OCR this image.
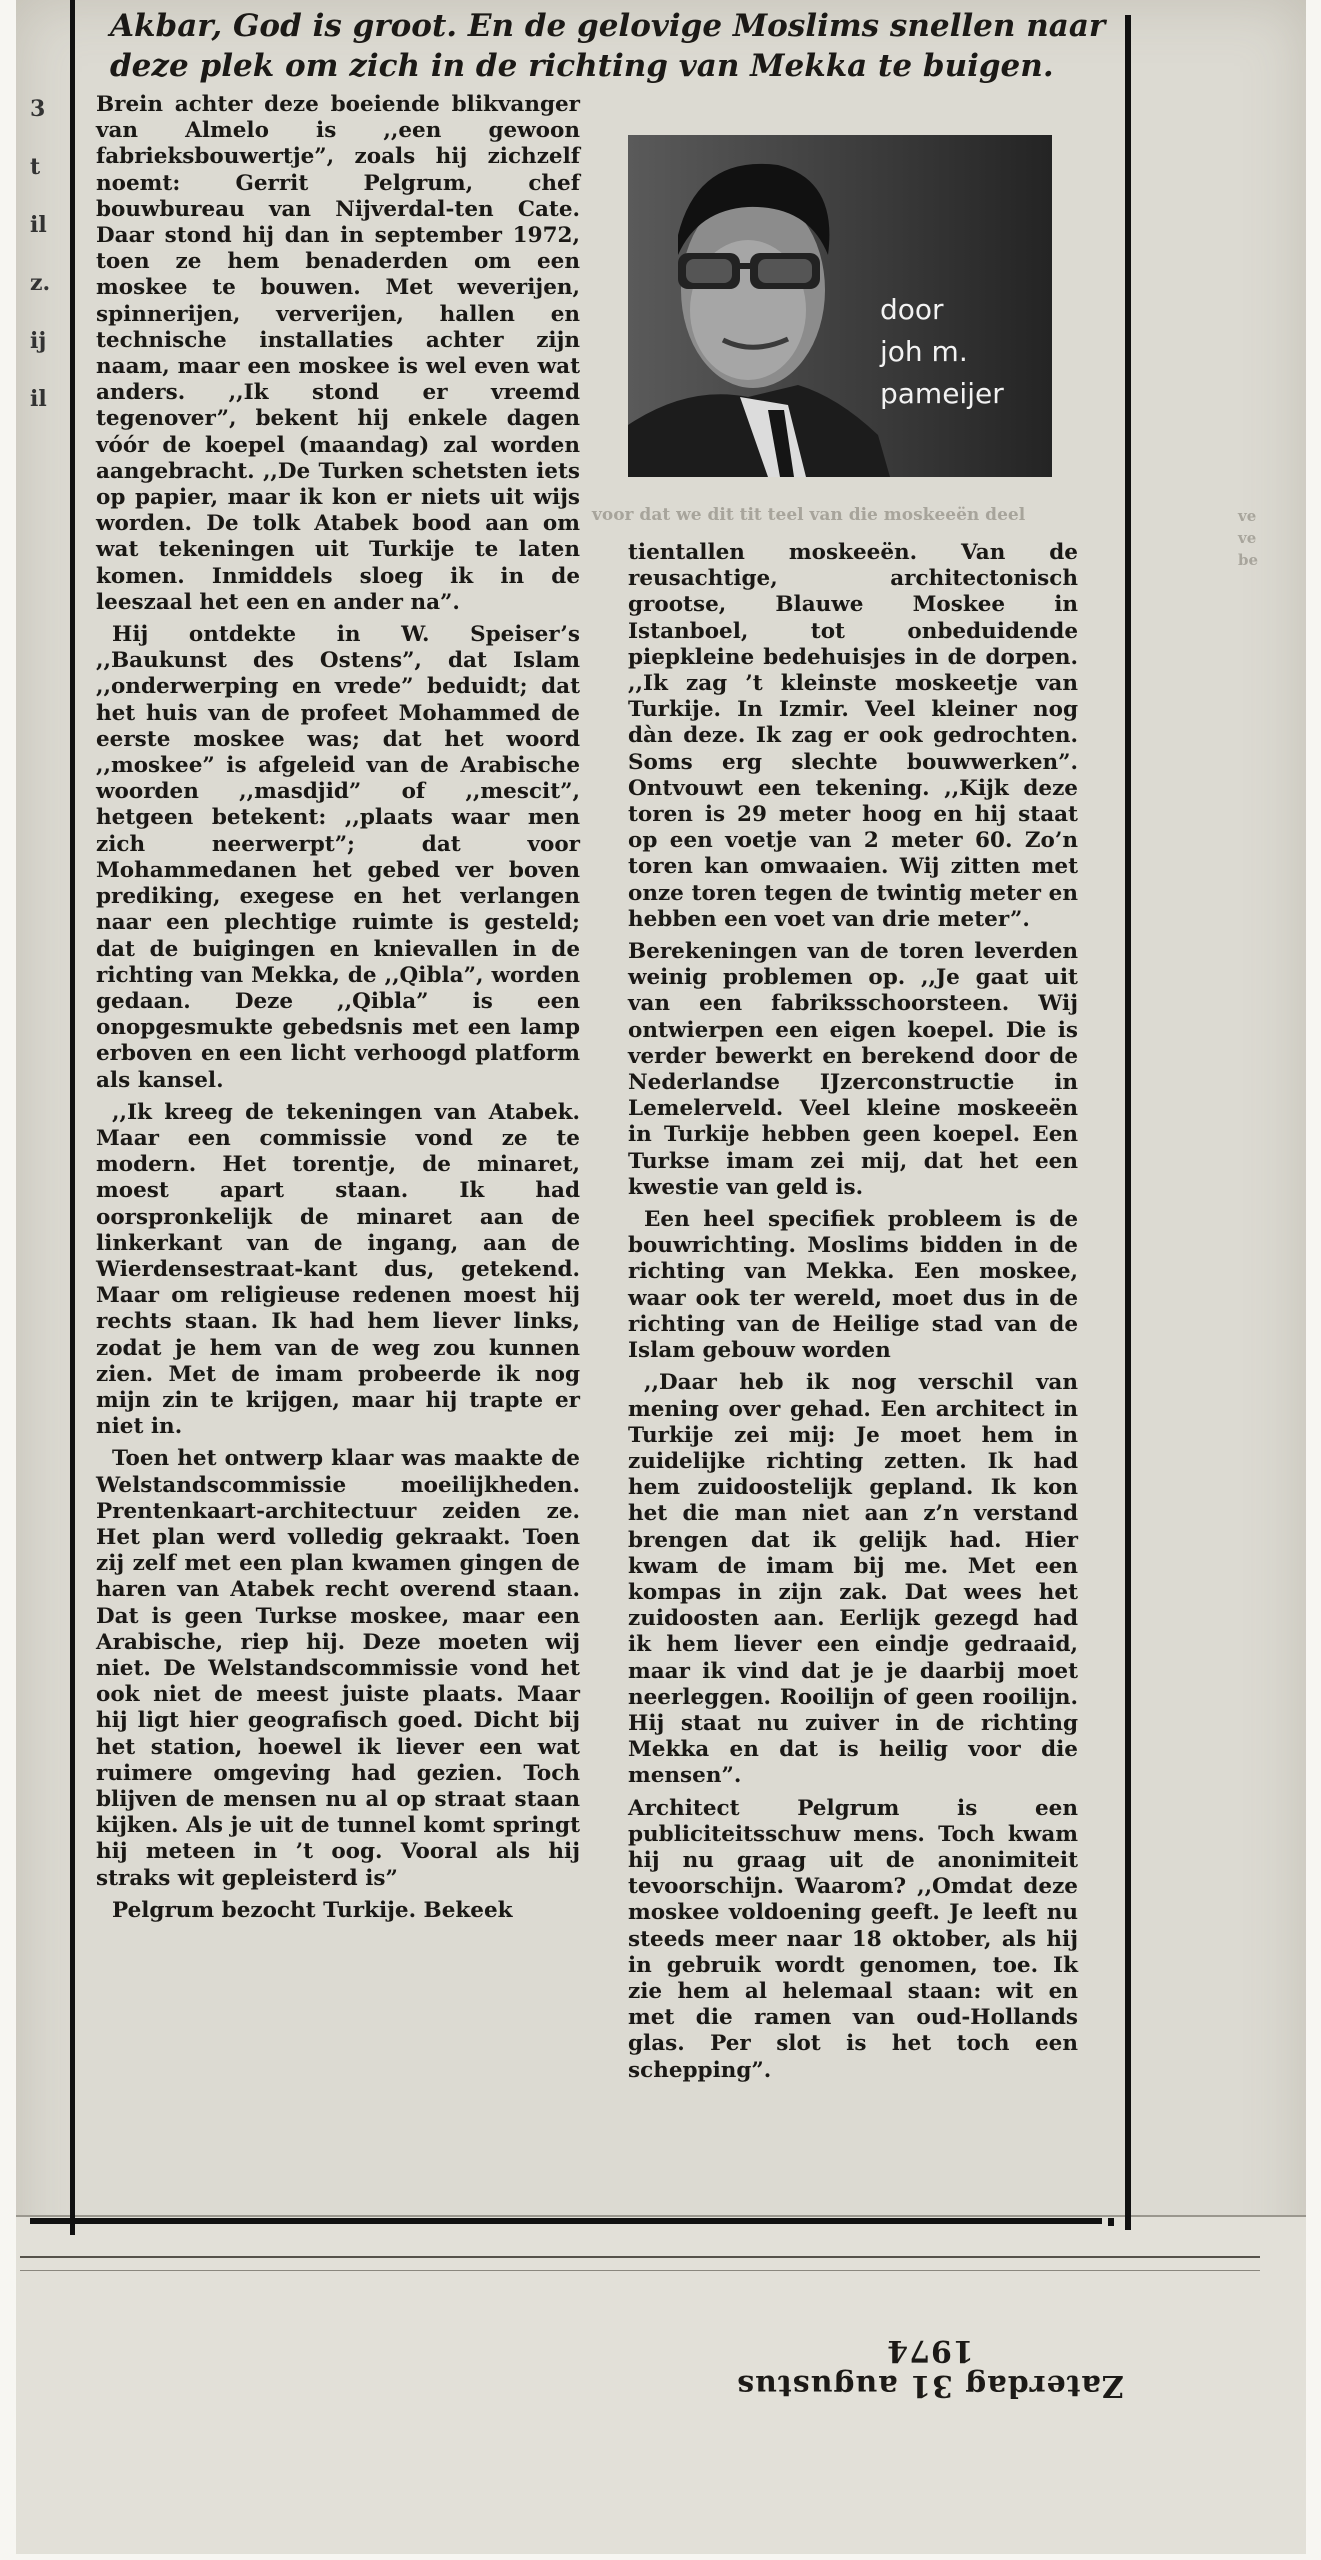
3
t
il
z.
ij
il
ve
ve
be
voor dat we dit tit teel van die moskeeën deel
Akbar, God is groot. En de gelovige Moslims snellen naar deze plek om zich in de richting van Mekka te buigen.

Brein achter deze boeiende blikvanger van Almelo is ,,een gewoon fabrieksbouwertje”, zoals hij zichzelf noemt: Gerrit Pelgrum, chef bouwbureau van Nijverdal-ten Cate. Daar stond hij dan in september 1972, toen ze hem benaderden om een moskee te bouwen. Met weverijen, spinnerijen, ververijen, hallen en technische installaties achter zijn naam, maar een moskee is wel even wat anders. ,,Ik stond er vreemd tegenover”, bekent hij enkele dagen vóór de koepel (maandag) zal worden aangebracht. ,,De Turken schetsten iets op papier, maar ik kon er niets uit wijs worden. De tolk Atabek bood aan om wat tekeningen uit Turkije te laten komen. Inmiddels sloeg ik in de leeszaal het een en ander na”.

Hij ontdekte in W. Speiser’s ,,Baukunst des Ostens”, dat Islam ,,onderwerping en vrede” beduidt; dat het huis van de profeet Mohammed de eerste moskee was; dat het woord ,,moskee” is afgeleid van de Arabische woorden ,,masdjid” of ,,mescit”, hetgeen betekent: ,,plaats waar men zich neerwerpt”; dat voor Mohammedanen het gebed ver boven prediking, exegese en het verlangen naar een plechtige ruimte is gesteld; dat de buigingen en knievallen in de richting van Mekka, de ,,Qibla”, worden gedaan. Deze ,,Qibla” is een onopgesmukte gebedsnis met een lamp erboven en een licht verhoogd platform als kansel.

,,Ik kreeg de tekeningen van Atabek. Maar een commissie vond ze te modern. Het torentje, de minaret, moest apart staan. Ik had oorspronkelijk de minaret aan de linkerkant van de ingang, aan de Wierdensestraat-kant dus, getekend. Maar om religieuse redenen moest hij rechts staan. Ik had hem liever links, zodat je hem van de weg zou kunnen zien. Met de imam probeerde ik nog mijn zin te krijgen, maar hij trapte er niet in.

Toen het ontwerp klaar was maakte de Welstandscommissie moeilijkheden. Prentenkaart-architectuur zeiden ze. Het plan werd volledig gekraakt. Toen zij zelf met een plan kwamen gingen de haren van Atabek recht overend staan. Dat is geen Turkse moskee, maar een Arabische, riep hij. Deze moeten wij niet. De Welstandscommissie vond het ook niet de meest juiste plaats. Maar hij ligt hier geografisch goed. Dicht bij het station, hoewel ik liever een wat ruimere omgeving had gezien. Toch blijven de mensen nu al op straat staan kijken. Als je uit de tunnel komt springt hij meteen in ’t oog. Vooral als hij straks wit gepleisterd is”

Pelgrum bezocht Turkije. Bekeek

door
joh m.
pameijer

tientallen moskeeën. Van de reusachtige, architectonisch grootse, Blauwe Moskee in Istanboel, tot onbeduidende piepkleine bedehuisjes in de dorpen. ,,Ik zag ’t kleinste moskeetje van Turkije. In Izmir. Veel kleiner nog dàn deze. Ik zag er ook gedrochten. Soms erg slechte bouwwerken”. Ontvouwt een tekening. ,,Kijk deze toren is 29 meter hoog en hij staat op een voetje van 2 meter 60. Zo’n toren kan omwaaien. Wij zitten met onze toren tegen de twintig meter en hebben een voet van drie meter”.

Berekeningen van de toren leverden weinig problemen op. ,,Je gaat uit van een fabriksschoorsteen. Wij ontwierpen een eigen koepel. Die is verder bewerkt en berekend door de Nederlandse IJzerconstructie in Lemelerveld. Veel kleine moskeeën in Turkije hebben geen koepel. Een Turkse imam zei mij, dat het een kwestie van geld is.

Een heel specifiek probleem is de bouwrichting. Moslims bidden in de richting van Mekka. Een moskee, waar ook ter wereld, moet dus in de richting van de Heilige stad van de Islam gebouw worden

,,Daar heb ik nog verschil van mening over gehad. Een architect in Turkije zei mij: Je moet hem in zuidelijke richting zetten. Ik had hem zuidoostelijk gepland. Ik kon het die man niet aan z’n verstand brengen dat ik gelijk had. Hier kwam de imam bij me. Met een kompas in zijn zak. Dat wees het zuidoosten aan. Eerlijk gezegd had ik hem liever een eindje gedraaid, maar ik vind dat je je daarbij moet neerleggen. Rooilijn of geen rooilijn. Hij staat nu zuiver in de richting Mekka en dat is heilig voor die mensen”.

Architect Pelgrum is een publiciteitsschuw mens. Toch kwam hij nu graag uit de anonimiteit tevoorschijn. Waarom? ,,Omdat deze moskee voldoening geeft. Je leeft nu steeds meer naar 18 oktober, als hij in gebruik wordt genomen, toe. Ik zie hem al helemaal staan: wit en met die ramen van oud-Hollands glas. Per slot is het toch een schepping”.

Zaterdag 31 augustus 1974
